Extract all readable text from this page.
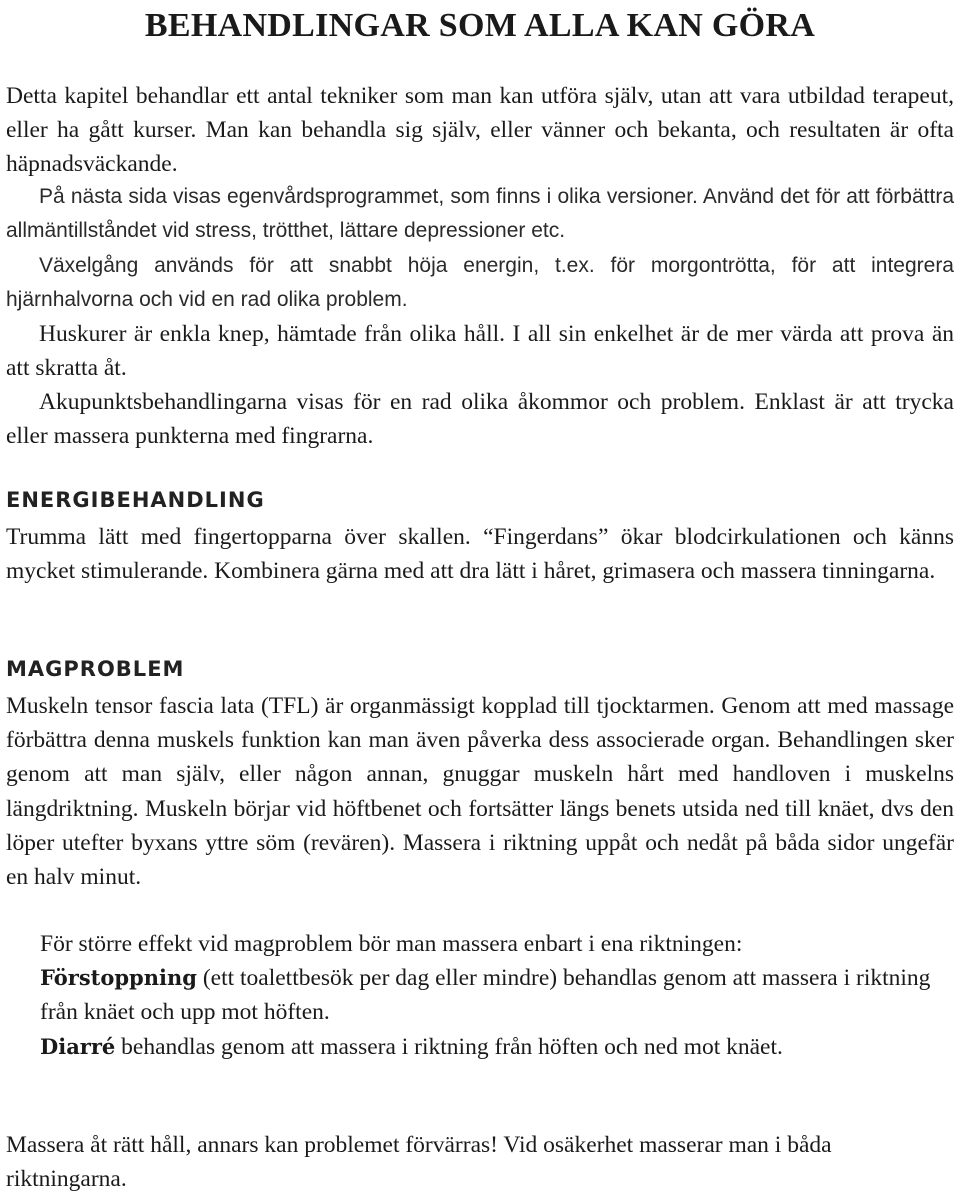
BEHANDLINGAR SOM ALLA KAN GÖRA

Detta kapitel behandlar ett antal tekniker som man kan utföra själv, utan att vara utbildad terapeut, eller ha gått kurser. Man kan behandla sig själv, eller vänner och bekanta, och resultaten är ofta häpnadsväckande.

På nästa sida visas egenvårdsprogrammet, som finns i olika versioner. Använd det för att förbättra allmäntillståndet vid stress, trötthet, lättare depressioner etc.

Växelgång används för att snabbt höja energin, t.ex. för morgontrötta, för att integrera hjärnhalvorna och vid en rad olika problem.

Huskurer är enkla knep, hämtade från olika håll. I all sin enkelhet är de mer värda att prova än att skratta åt.

Akupunktsbehandlingarna visas för en rad olika åkommor och problem. Enklast är att trycka eller massera punkterna med fingrarna.

ENERGIBEHANDLING

Trumma lätt med fingertopparna över skallen. “Fingerdans” ökar blodcirkulationen och känns mycket stimulerande. Kombinera gärna med att dra lätt i håret, grimasera och massera tinningarna.

MAGPROBLEM

Muskeln tensor fascia lata (TFL) är organmässigt kopplad till tjocktarmen. Genom att med massage förbättra denna muskels funktion kan man även påverka dess associerade organ. Behandlingen sker genom att man själv, eller någon annan, gnuggar muskeln hårt med handloven i muskelns längdriktning. Muskeln börjar vid höftbenet och fortsätter längs benets utsida ned till knäet, dvs den löper utefter byxans yttre söm (revären). Massera i riktning uppåt och nedåt på båda sidor ungefär en halv minut.

För större effekt vid magproblem bör man massera enbart i ena riktningen:
Förstoppning (ett toalettbesök per dag eller mindre) behandlas genom att massera i riktning från knäet och upp mot höften.
Diarré behandlas genom att massera i riktning från höften och ned mot knäet.

Massera åt rätt håll, annars kan problemet förvärras! Vid osäkerhet masserar man i båda riktningarna.
